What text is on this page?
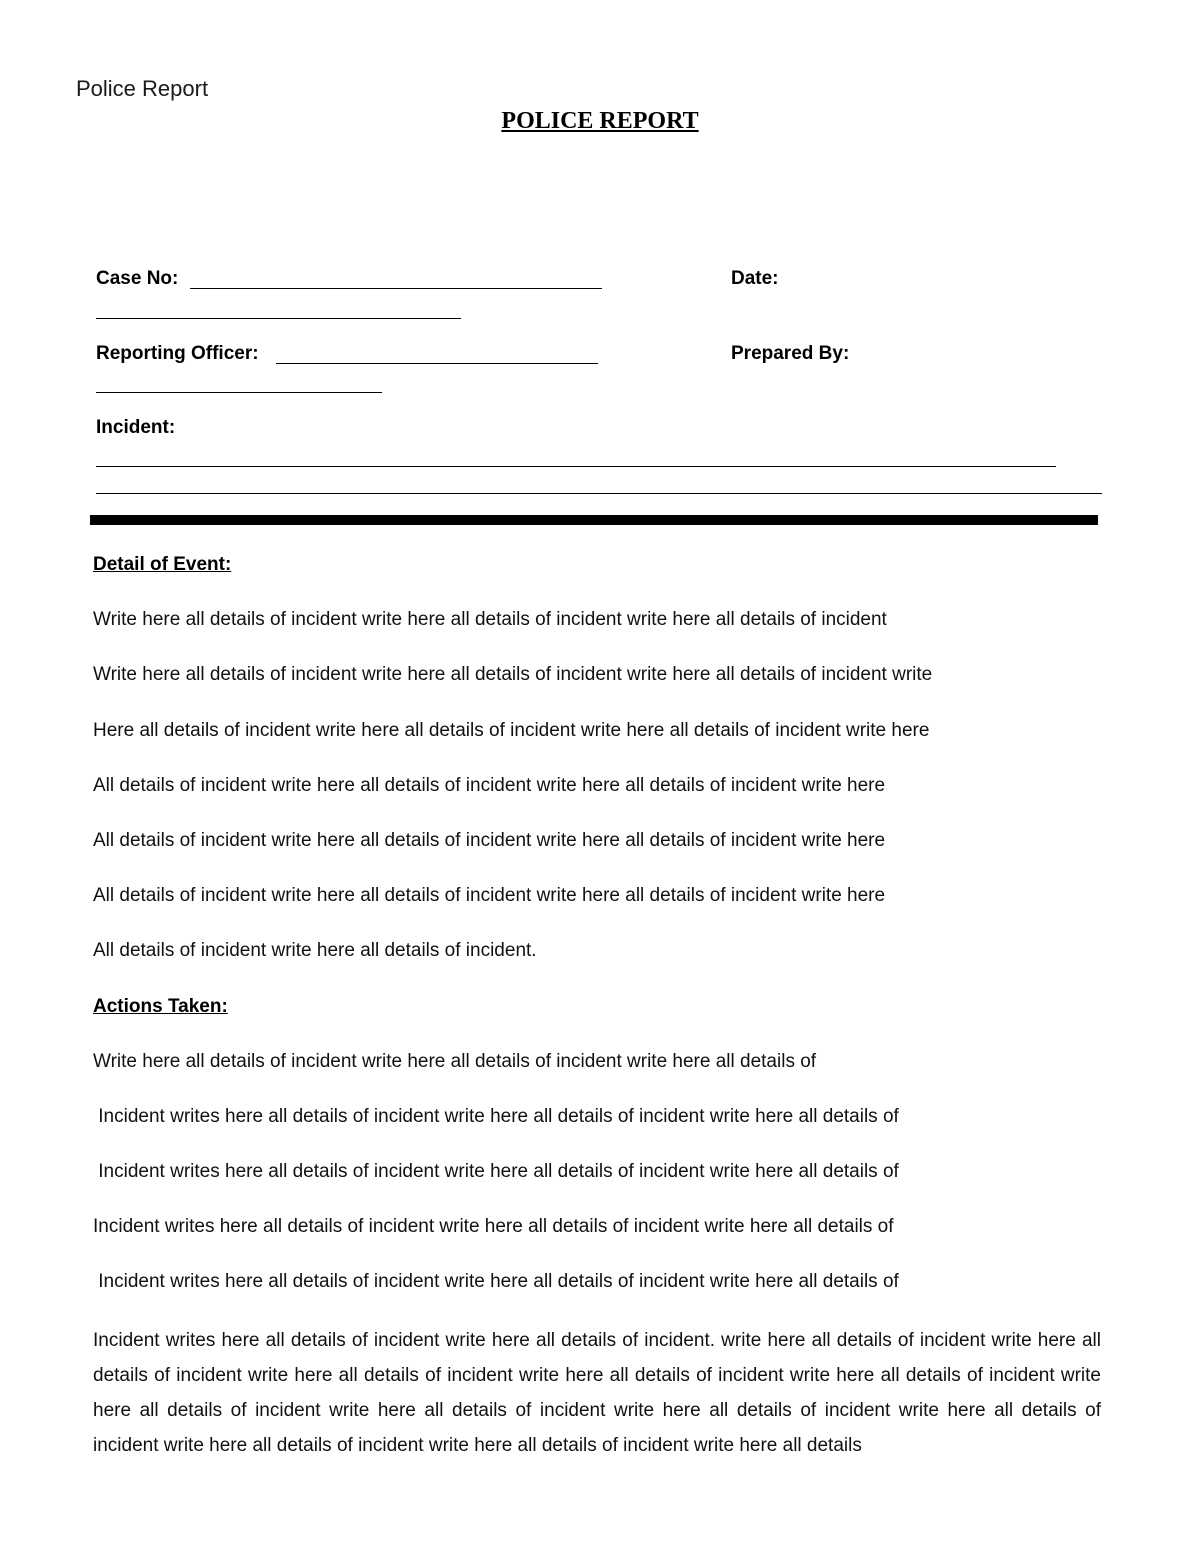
Police Report
POLICE REPORT
Case No:	Date:
Reporting Officer:	Prepared By:
Incident:
Detail of Event:
Write here all details of incident write here all details of incident write here all details of incident
Write here all details of incident write here all details of incident write here all details of incident write
Here all details of incident write here all details of incident write here all details of incident write here
All details of incident write here all details of incident write here all details of incident write here
All details of incident write here all details of incident write here all details of incident write here
All details of incident write here all details of incident write here all details of incident write here
All details of incident write here all details of incident.
Actions Taken:
Write here all details of incident write here all details of incident write here all details of
Incident writes here all details of incident write here all details of incident write here all details of
Incident writes here all details of incident write here all details of incident write here all details of
Incident writes here all details of incident write here all details of incident write here all details of
Incident writes here all details of incident write here all details of incident write here all details of
Incident writes here all details of incident write here all details of incident. write here all details of incident write here all details of incident write here all details of incident write here all details of incident write here all details of incident write here all details of incident write here all details of incident write here all details of incident write here all details of incident write here all details of incident write here all details of incident write here all details
